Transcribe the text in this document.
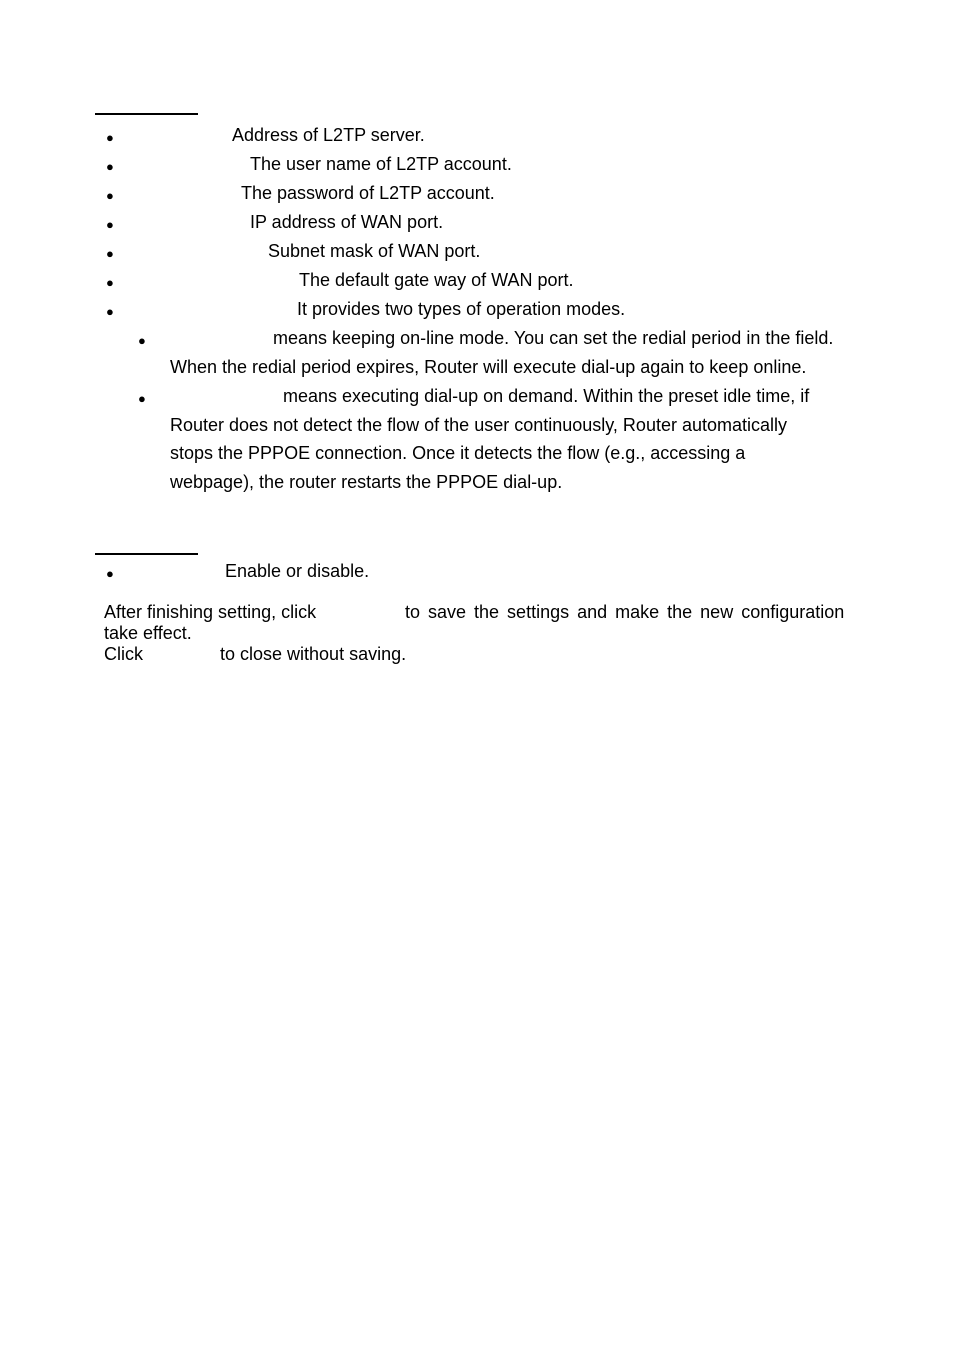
●	Address of L2TP server.
●	The user name of L2TP account.
●	The password of L2TP account.
●	IP address of WAN port.
●	Subnet mask of WAN port.
●	The default gate way of WAN port.
●	It provides two types of operation modes.
●	means keeping on-line mode. You can set the redial period in the field.
When the redial period expires, Router will execute dial-up again to keep online.
●	means executing dial-up on demand. Within the preset idle time, if
Router does not detect the flow of the user continuously, Router automatically
stops the PPPOE connection. Once it detects the flow (e.g., accessing a
webpage), the router restarts the PPPOE dial-up.
●	Enable or disable.
After finishing setting, click	to save the settings and make the new configuration
take effect.
Click	to close without saving.
